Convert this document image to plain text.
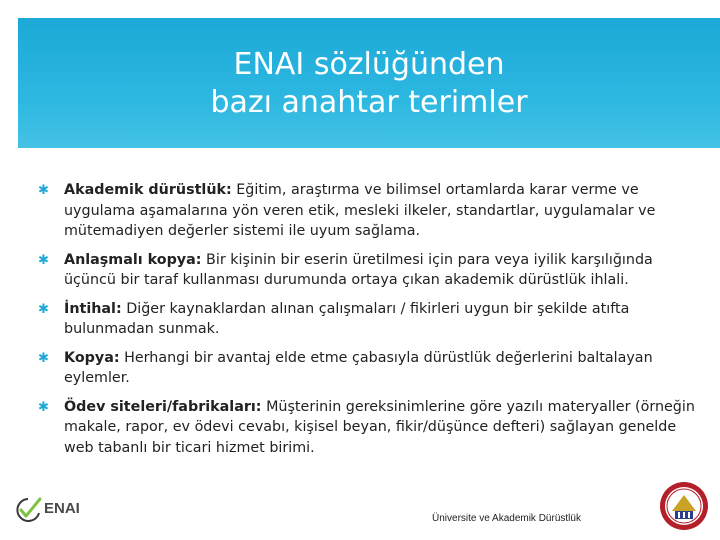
ENAI sözlüğünden
bazı anahtar terimler
✱ Akademik dürüstlük: Eğitim, araştırma ve bilimsel ortamlarda karar verme ve uygulama aşamalarına yön veren etik, mesleki ilkeler, standartlar, uygulamalar ve mütemadiyen değerler sistemi ile uyum sağlama.
✱ Anlaşmalı kopya: Bir kişinin bir eserin üretilmesi için para veya iyilik karşılığında üçüncü bir taraf kullanması durumunda ortaya çıkan akademik dürüstlük ihlali.
✱ İntihal: Diğer kaynaklardan alınan çalışmaları / fikirleri uygun bir şekilde atıfta bulunmadan sunmak.
✱ Kopya: Herhangi bir avantaj elde etme çabasıyla dürüstlük değerlerini baltalayan eylemler.
✱ Ödev siteleri/fabrikaları: Müşterinin gereksinimlerine göre yazılı materyaller (örneğin makale, rapor, ev ödevi cevabı, kişisel beyan, fikir/düşünce defteri) sağlayan genelde web tabanlı bir ticari hizmet birimi.
ENAI
Üniversite ve Akademik Dürüstlük
